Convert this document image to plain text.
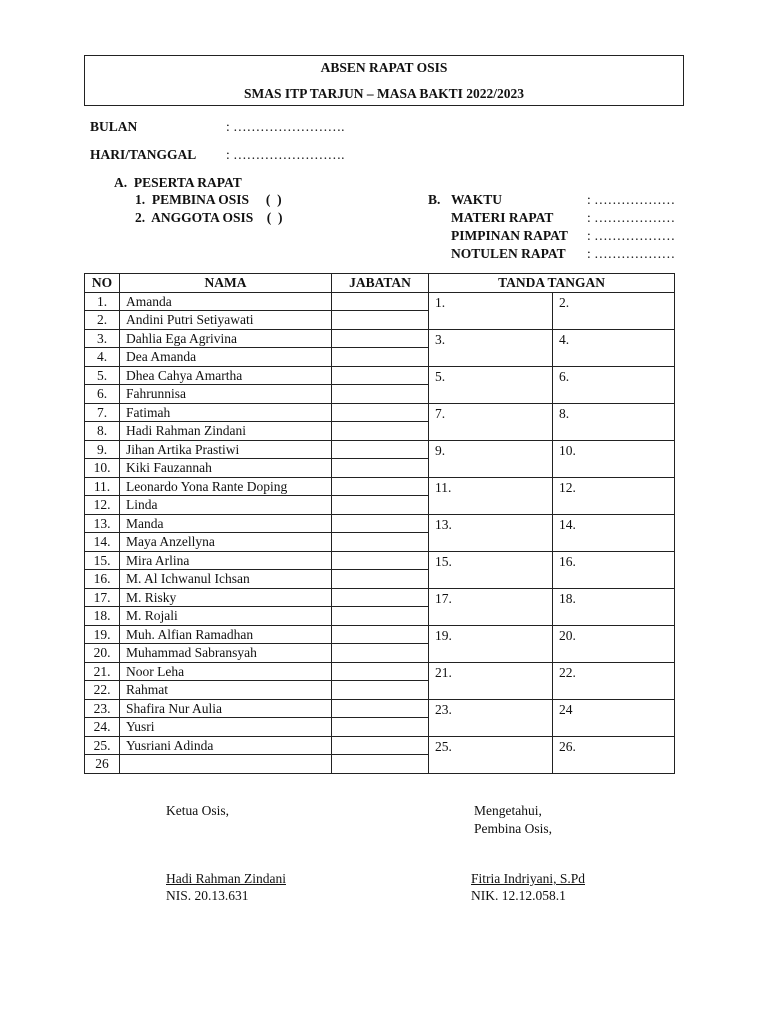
ABSEN RAPAT OSIS
SMAS ITP TARJUN – MASA BAKTI 2022/2023
BULAN	: …………………….
HARI/TANGGAL : …………………….
A.  PESERTA RAPAT
1.  PEMBINA OSIS     (  )
2.  ANGGOTA OSIS    (  )
B. WAKTU	: ………………
MATERI RAPAT : ………………
PIMPINAN RAPAT : ………………
NOTULEN RAPAT : ………………
NO	NAMA	JABATAN	TANDA TANGAN	
1.	Amanda		1.	2.
2.	Andini Putri Setiyawati			
3.	Dahlia Ega Agrivina		3.	4.
4.	Dea Amanda			
5.	Dhea Cahya Amartha		5.	6.
6.	Fahrunnisa			
7.	Fatimah		7.	8.
8.	Hadi Rahman Zindani			
9.	Jihan Artika Prastiwi		9.	10.
10.	Kiki Fauzannah			
11.	Leonardo Yona Rante Doping		11.	12.
12.	Linda			
13.	Manda		13.	14.
14.	Maya Anzellyna			
15.	Mira Arlina		15.	16.
16.	M. Al Ichwanul Ichsan			
17.	M. Risky		17.	18.
18.	M. Rojali			
19.	Muh. Alfian Ramadhan		19.	20.
20.	Muhammad Sabransyah			
21.	Noor Leha		21.	22.
22.	Rahmat			
23.	Shafira Nur Aulia		23.	24
24.	Yusri			
25.	Yusriani Adinda		25.	26.
26				
Ketua Osis,
Hadi Rahman Zindani
NIS. 20.13.631
Mengetahui,
Pembina Osis,
Fitria Indriyani, S.Pd
NIK. 12.12.058.1
